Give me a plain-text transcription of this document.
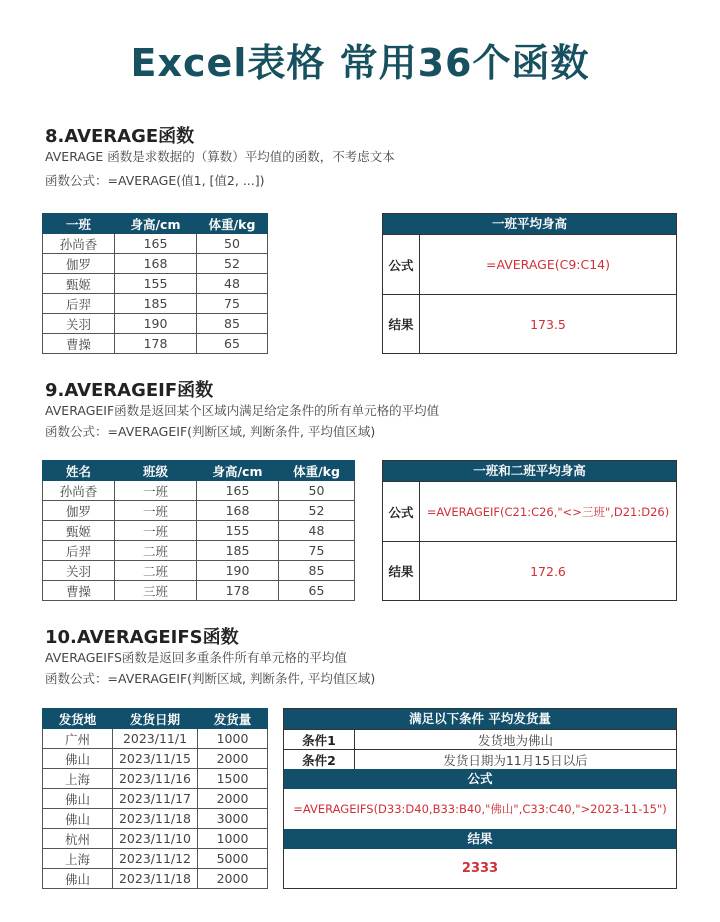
Excel表格 常用36个函数
8.AVERAGE函数
AVERAGE 函数是求数据的（算数）平均值的函数，不考虑文本
函数公式：=AVERAGE(值1, [值2, ...])
一班	身高/cm	体重/kg
孙尚香	165	50
伽罗	168	52
甄姬	155	48
后羿	185	75
关羽	190	85
曹操	178	65
一班平均身高
公式	=AVERAGE(C9:C14)
结果	173.5
9.AVERAGEIF函数
AVERAGEIF函数是返回某个区域内满足给定条件的所有单元格的平均值
函数公式：=AVERAGEIF(判断区域, 判断条件, 平均值区域)
姓名	班级	身高/cm	体重/kg
孙尚香	一班	165	50
伽罗	一班	168	52
甄姬	一班	155	48
后羿	二班	185	75
关羽	二班	190	85
曹操	三班	178	65
一班和二班平均身高
公式	=AVERAGEIF(C21:C26,"<>三班",D21:D26)
结果	172.6
10.AVERAGEIFS函数
AVERAGEIFS函数是返回多重条件所有单元格的平均值
函数公式：=AVERAGEIF(判断区域, 判断条件, 平均值区域)
发货地	发货日期	发货量
广州	2023/11/1	1000
佛山	2023/11/15	2000
上海	2023/11/16	1500
佛山	2023/11/17	2000
佛山	2023/11/18	3000
杭州	2023/11/10	1000
上海	2023/11/12	5000
佛山	2023/11/18	2000
满足以下条件 平均发货量
条件1	发货地为佛山
条件2	发货日期为11月15日以后
公式
=AVERAGEIFS(D33:D40,B33:B40,"佛山",C33:C40,">2023-11-15")
结果
2333
